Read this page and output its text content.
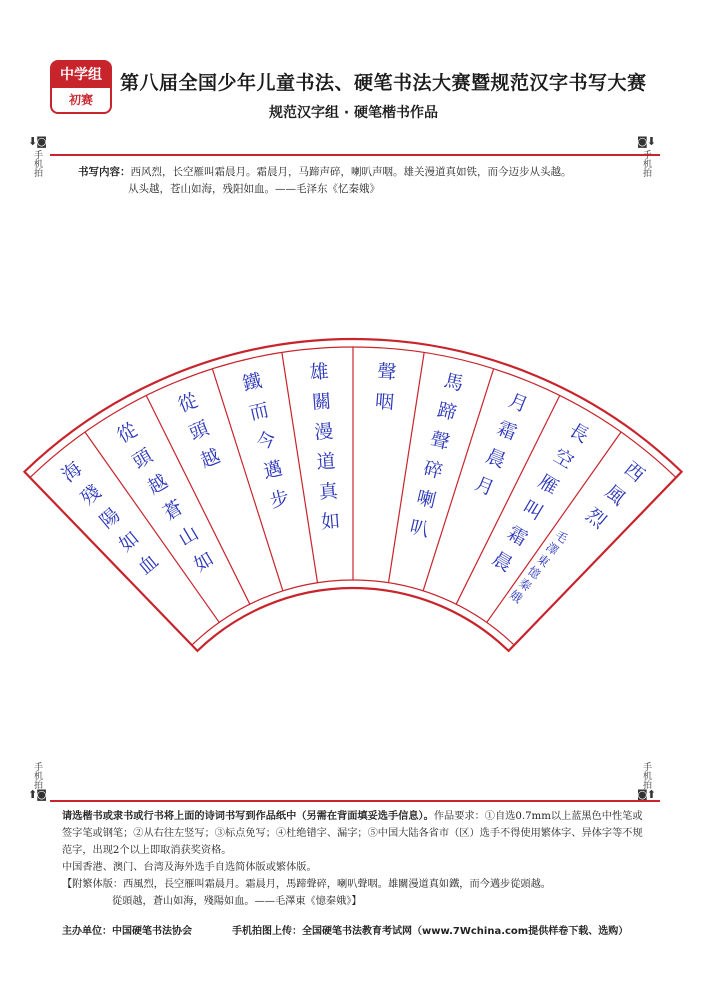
中学组
初赛
第八届全国少年儿童书法、硬笔书法大赛暨规范汉字书写大赛
规范汉字组 · 硬笔楷书作品
⬇◙
手机拍
◙⬇
手机拍
手机拍
⬆◙
手机拍
◙⬆
书写内容：西风烈，长空雁叫霜晨月。霜晨月，马蹄声碎，喇叭声咽。雄关漫道真如铁，而今迈步从头越。
从头越，苍山如海，残阳如血。——毛泽东《忆秦娥》
西
風
烈
長
空
雁
叫
霜
晨
月
霜
晨
月
馬
蹄
聲
碎
喇
叭
聲
咽
雄
關
漫
道
真
如
鐵
而
今
邁
步
從
頭
越
從
頭
越
蒼
山
如
海
殘
陽
如
血
毛
澤
東
憶
秦
娥
请选楷书或隶书或行书将上面的诗词书写到作品纸中（另需在背面填妥选手信息）。作品要求：①自选0.7mm以上蓝黑色中性笔或签字笔或钢笔；②从右往左竖写；③标点免写；④杜绝错字、漏字；⑤中国大陆各省市（区）选手不得使用繁体字、异体字等不规范字，出现2个以上即取消获奖资格。
中国香港、澳门、台湾及海外选手自选简体版或繁体版。
【附繁体版：西風烈，長空雁叫霜晨月。霜晨月，馬蹄聲碎，喇叭聲咽。雄關漫道真如鐵，而今邁步從頭越。
從頭越，蒼山如海，殘陽如血。——毛澤東《憶秦娥》】
主办单位：中国硬笔书法协会	手机拍图上传：全国硬笔书法教育考试网（www.7Wchina.com提供样卷下载、选购）
